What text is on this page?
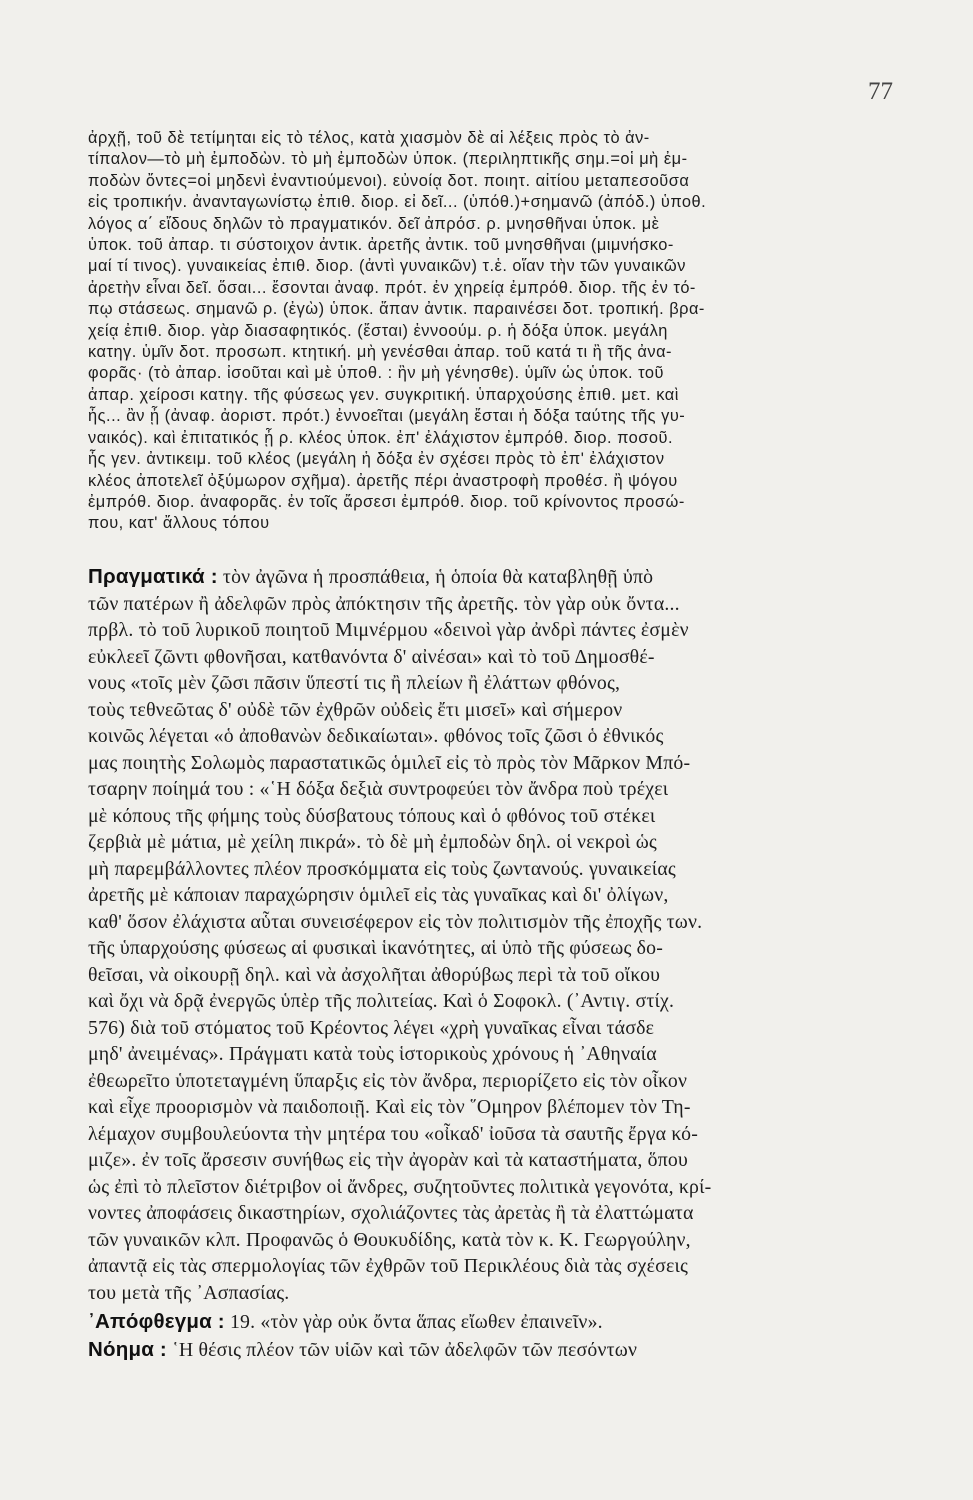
77
ἀρχῇ, τοῦ δὲ τετίμηται εἰς τὸ τέλος, κατὰ χιασμὸν δὲ αἱ λέξεις πρὸς τὸ ἀν-
τίπαλον—τὸ μὴ ἐμποδὼν. τὸ μὴ ἐμποδὼν ὑποκ. (περιληπτικῆς σημ.=οἱ μὴ ἐμ-
ποδὼν ὄντες=οἱ μηδενὶ ἐναντιούμενοι). εὐνοίᾳ δοτ. ποιητ. αἰτίου μεταπεσοῦσα
εἰς τροπικήν. ἀνανταγωνίστῳ ἐπιθ. διορ. εἰ δεῖ... (ὑπόθ.)+σημανῶ (ἀπόδ.) ὑποθ.
λόγος α΄ εἴδους δηλῶν τὸ πραγματικόν. δεῖ ἀπρόσ. ρ. μνησθῆναι ὑποκ. μὲ
ὑποκ. τοῦ ἀπαρ. τι σύστοιχον ἀντικ. ἀρετῆς ἀντικ. τοῦ μνησθῆναι (μιμνήσκο-
μαί τί τινος). γυναικείας ἐπιθ. διορ. (ἀντὶ γυναικῶν) τ.ἑ. οἵαν τὴν τῶν γυναικῶν
ἀρετὴν εἶναι δεῖ. ὅσαι... ἔσονται ἀναφ. πρότ. ἐν χηρείᾳ ἐμπρόθ. διορ. τῆς ἐν τό-
πῳ στάσεως. σημανῶ ρ. (ἐγὼ) ὑποκ. ἅπαν ἀντικ. παραινέσει δοτ. τροπική. βρα-
χείᾳ ἐπιθ. διορ. γὰρ διασαφητικός. (ἔσται) ἐννοούμ. ρ. ἡ δόξα ὑποκ. μεγάλη
κατηγ. ὑμῖν δοτ. προσωπ. κτητική. μὴ γενέσθαι ἀπαρ. τοῦ κατά τι ἢ τῆς ἀνα-
φορᾶς· (τὸ ἀπαρ. ἰσοῦται καὶ μὲ ὑποθ. : ἣν μὴ γένησθε). ὑμῖν ὡς ὑποκ. τοῦ
ἀπαρ. χείροσι κατηγ. τῆς φύσεως γεν. συγκριτική. ὑπαρχούσης ἐπιθ. μετ. καὶ
ἧς... ἂν ᾖ (ἀναφ. ἀοριστ. πρότ.) ἐννοεῖται (μεγάλη ἔσται ἡ δόξα ταύτης τῆς γυ-
ναικός). καὶ ἐπιτατικός ᾖ ρ. κλέος ὑποκ. ἐπ' ἐλάχιστον ἐμπρόθ. διορ. ποσοῦ.
ἧς γεν. ἀντικειμ. τοῦ κλέος (μεγάλη ἡ δόξα ἐν σχέσει πρὸς τὸ ἐπ' ἐλάχιστον
κλέος ἀποτελεῖ ὀξύμωρον σχῆμα). ἀρετῆς πέρι ἀναστροφὴ προθέσ. ἢ ψόγου
ἐμπρόθ. διορ. ἀναφορᾶς. ἐν τοῖς ἄρσεσι ἐμπρόθ. διορ. τοῦ κρίνοντος προσώ-
που, κατ' ἄλλους τόπου
Πραγματικά : τὸν ἀγῶνα ἡ προσπάθεια, ἡ ὁποία θὰ καταβληθῇ ὑπὸ
τῶν πατέρων ἢ ἀδελφῶν πρὸς ἀπόκτησιν τῆς ἀρετῆς. τὸν γὰρ οὐκ ὄντα...
πρβλ. τὸ τοῦ λυρικοῦ ποιητοῦ Μιμνέρμου «δεινοὶ γὰρ ἀνδρὶ πάντες ἐσμὲν
εὐκλεεῖ ζῶντι φθονῆσαι, κατθανόντα δ' αἰνέσαι» καὶ τὸ τοῦ Δημοσθέ-
νους «τοῖς μὲν ζῶσι πᾶσιν ὕπεστί τις ἢ πλείων ἢ ἐλάττων φθόνος,
τοὺς τεθνεῶτας δ' οὐδὲ τῶν ἐχθρῶν οὐδεὶς ἔτι μισεῖ» καὶ σήμερον
κοινῶς λέγεται «ὁ ἀποθανὼν δεδικαίωται». φθόνος τοῖς ζῶσι ὁ ἐθνικός
μας ποιητὴς Σολωμὸς παραστατικῶς ὁμιλεῖ εἰς τὸ πρὸς τὸν Μᾶρκον Μπό-
τσαρην ποίημά του : «῾Η δόξα δεξιὰ συντροφεύει τὸν ἄνδρα ποὺ τρέχει
μὲ κόπους τῆς φήμης τοὺς δύσβατους τόπους καὶ ὁ φθόνος τοῦ στέκει
ζερβιὰ μὲ μάτια, μὲ χείλη πικρά». τὸ δὲ μὴ ἐμποδὼν δηλ. οἱ νεκροὶ ὡς
μὴ παρεμβάλλοντες πλέον προσκόμματα εἰς τοὺς ζωντανούς. γυναικείας
ἀρετῆς μὲ κάποιαν παραχώρησιν ὁμιλεῖ εἰς τὰς γυναῖκας καὶ δι' ὀλίγων,
καθ' ὅσον ἐλάχιστα αὗται συνεισέφερον εἰς τὸν πολιτισμὸν τῆς ἐποχῆς των.
τῆς ὑπαρχούσης φύσεως αἱ φυσικαὶ ἱκανότητες, αἱ ὑπὸ τῆς φύσεως δο-
θεῖσαι, νὰ οἰκουρῇ δηλ. καὶ νὰ ἀσχολῆται ἀθορύβως περὶ τὰ τοῦ οἴκου
καὶ ὄχι νὰ δρᾷ ἐνεργῶς ὑπὲρ τῆς πολιτείας. Καὶ ὁ Σοφοκλ. (᾽Αντιγ. στίχ.
576) διὰ τοῦ στόματος τοῦ Κρέοντος λέγει «χρὴ γυναῖκας εἶναι τάσδε
μηδ' ἀνειμένας». Πράγματι κατὰ τοὺς ἱστορικοὺς χρόνους ἡ ᾽Αθηναία
ἐθεωρεῖτο ὑποτεταγμένη ὕπαρξις εἰς τὸν ἄνδρα, περιορίζετο εἰς τὸν οἶκον
καὶ εἶχε προορισμὸν νὰ παιδοποιῇ. Καὶ εἰς τὸν ῞Ομηρον βλέπομεν τὸν Τη-
λέμαχον συμβουλεύοντα τὴν μητέρα του «οἶκαδ' ἰοῦσα τὰ σαυτῆς ἔργα κό-
μιζε». ἐν τοῖς ἄρσεσιν συνήθως εἰς τὴν ἀγορὰν καὶ τὰ καταστήματα, ὅπου
ὡς ἐπὶ τὸ πλεῖστον διέτριβον οἱ ἄνδρες, συζητοῦντες πολιτικὰ γεγονότα, κρί-
νοντες ἀποφάσεις δικαστηρίων, σχολιάζοντες τὰς ἀρετὰς ἢ τὰ ἐλαττώματα
τῶν γυναικῶν κλπ. Προφανῶς ὁ Θουκυδίδης, κατὰ τὸν κ. Κ. Γεωργούλην,
ἀπαντᾷ εἰς τὰς σπερμολογίας τῶν ἐχθρῶν τοῦ Περικλέους διὰ τὰς σχέσεις
του μετὰ τῆς ᾽Ασπασίας.
᾽Απόφθεγμα : 19. «τὸν γὰρ οὐκ ὄντα ἅπας εἴωθεν ἐπαινεῖν».
Νόημα : ῾Η θέσις πλέον τῶν υἱῶν καὶ τῶν ἀδελφῶν τῶν πεσόντων
